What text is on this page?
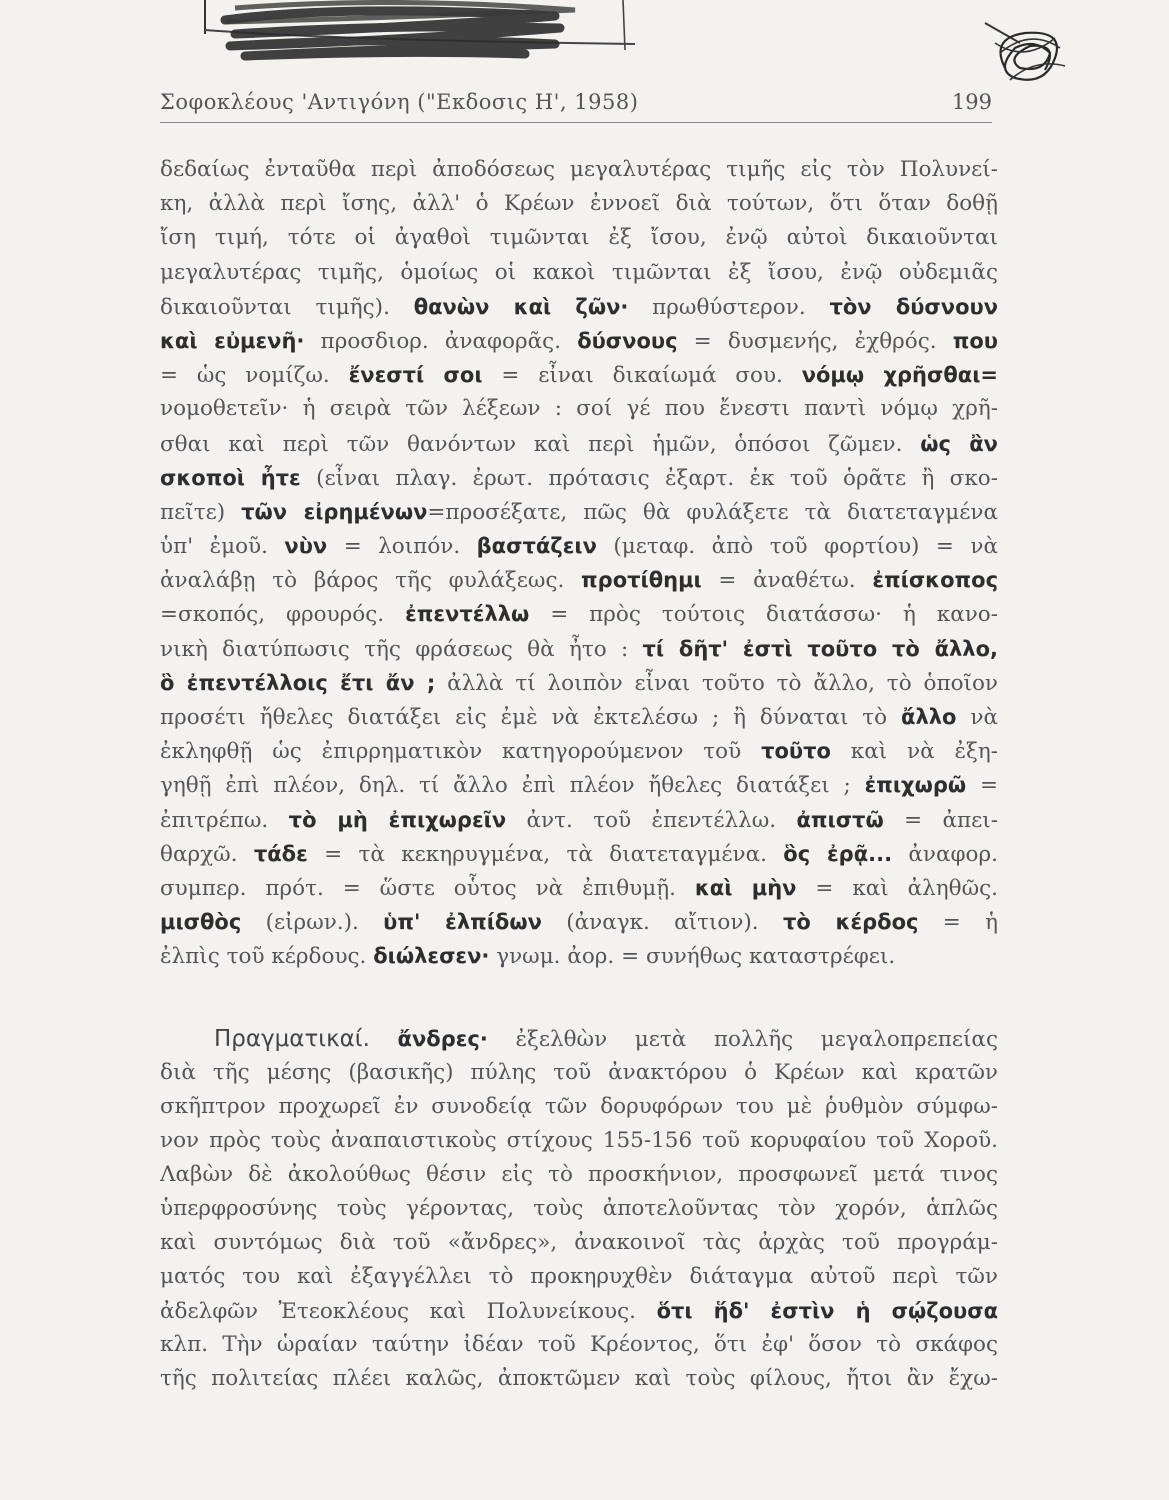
Σοφοκλέους 'Αντιγόνη ("Εκδοσις Η', 1958)	199
δεδαίως ἐνταῦθα περὶ ἀποδόσεως μεγαλυτέρας τιμῆς εἰς τὸν Πολυνεί-
κη, ἀλλὰ περὶ ἴσης, ἀλλ' ὁ Κρέων ἐννοεῖ διὰ τούτων, ὅτι ὅταν δοθῇ
ἴση τιμή, τότε οἱ ἀγαθοὶ τιμῶνται ἐξ ἴσου, ἐνῷ αὐτοὶ δικαιοῦνται
μεγαλυτέρας τιμῆς, ὁμοίως οἱ κακοὶ τιμῶνται ἐξ ἴσου, ἐνῷ οὐδεμιᾶς
δικαιοῦνται τιμῆς). θανὼν καὶ ζῶν· πρωθύστερον. τὸν δύσνουν
καὶ εὐμενῆ· προσδιορ. ἀναφορᾶς. δύσνους = δυσμενής, ἐχθρός. που
= ὡς νομίζω. ἔνεστί σοι = εἶναι δικαίωμά σου. νόμῳ χρῆσθαι=
νομοθετεῖν· ἡ σειρὰ τῶν λέξεων : σοί γέ που ἔνεστι παντὶ νόμῳ χρῆ-
σθαι καὶ περὶ τῶν θανόντων καὶ περὶ ἡμῶν, ὁπόσοι ζῶμεν. ὡς ἂν
σκοποὶ ἦτε (εἶναι πλαγ. ἐρωτ. πρότασις ἐξαρτ. ἐκ τοῦ ὁρᾶτε ἢ σκο-
πεῖτε) τῶν εἰρημένων=προσέξατε, πῶς θὰ φυλάξετε τὰ διατεταγμένα
ὑπ' ἐμοῦ. νὺν = λοιπόν. βαστάζειν (μεταφ. ἀπὸ τοῦ φορτίου) = νὰ
ἀναλάβῃ τὸ βάρος τῆς φυλάξεως. προτίθημι = ἀναθέτω. ἐπίσκοπος
=σκοπός, φρουρός. ἐπεντέλλω = πρὸς τούτοις διατάσσω· ἡ κανο-
νικὴ διατύπωσις τῆς φράσεως θὰ ἦτο : τί δῆτ' ἐστὶ τοῦτο τὸ ἄλλο,
ὃ ἐπεντέλλοις ἔτι ἄν ; ἀλλὰ τί λοιπὸν εἶναι τοῦτο τὸ ἄλλο, τὸ ὁποῖον
προσέτι ἤθελες διατάξει εἰς ἐμὲ νὰ ἐκτελέσω ; ἢ δύναται τὸ ἄλλο νὰ
ἐκληφθῇ ὡς ἐπιρρηματικὸν κατηγορούμενον τοῦ τοῦτο καὶ νὰ ἐξη-
γηθῇ ἐπὶ πλέον, δηλ. τί ἄλλο ἐπὶ πλέον ἤθελες διατάξει ; ἐπιχωρῶ =
ἐπιτρέπω. τὸ μὴ ἐπιχωρεῖν ἀντ. τοῦ ἐπεντέλλω. ἀπιστῶ = ἀπει-
θαρχῶ. τάδε = τὰ κεκηρυγμένα, τὰ διατεταγμένα. ὃς ἐρᾷ... ἀναφορ.
συμπερ. πρότ. = ὥστε οὗτος νὰ ἐπιθυμῇ. καὶ μὴν = καὶ ἀληθῶς.
μισθὸς (εἰρων.). ὑπ' ἐλπίδων (ἀναγκ. αἴτιον). τὸ κέρδος = ἡ
ἐλπὶς τοῦ κέρδους. διώλεσεν· γνωμ. ἀορ. = συνήθως καταστρέφει.
Πραγματικαί. ἄνδρες· ἐξελθὼν μετὰ πολλῆς μεγαλοπρεπείας
διὰ τῆς μέσης (βασικῆς) πύλης τοῦ ἀνακτόρου ὁ Κρέων καὶ κρατῶν
σκῆπτρον προχωρεῖ ἐν συνοδείᾳ τῶν δορυφόρων του μὲ ῥυθμὸν σύμφω-
νον πρὸς τοὺς ἀναπαιστικοὺς στίχους 155-156 τοῦ κορυφαίου τοῦ Χοροῦ.
Λαβὼν δὲ ἀκολούθως θέσιν εἰς τὸ προσκήνιον, προσφωνεῖ μετά τινος
ὑπερφροσύνης τοὺς γέροντας, τοὺς ἀποτελοῦντας τὸν χορόν, ἁπλῶς
καὶ συντόμως διὰ τοῦ «ἄνδρες», ἀνακοινοῖ τὰς ἀρχὰς τοῦ προγράμ-
ματός του καὶ ἐξαγγέλλει τὸ προκηρυχθὲν διάταγμα αὐτοῦ περὶ τῶν
ἀδελφῶν Ἐτεοκλέους καὶ Πολυνείκους. ὅτι ἥδ' ἐστὶν ἡ σῴζουσα
κλπ. Τὴν ὡραίαν ταύτην ἰδέαν τοῦ Κρέοντος, ὅτι ἐφ' ὅσον τὸ σκάφος
τῆς πολιτείας πλέει καλῶς, ἀποκτῶμεν καὶ τοὺς φίλους, ἤτοι ἂν ἔχω-
